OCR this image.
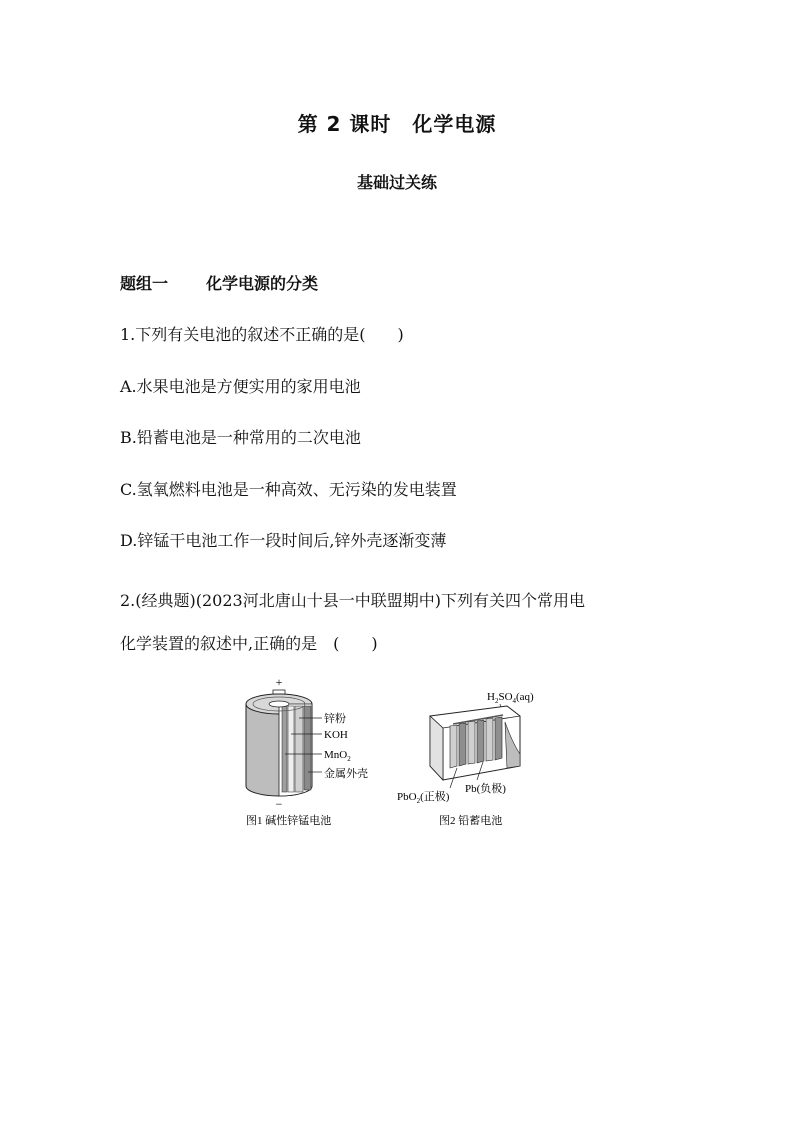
第 2 课时　化学电源
基础过关练
题组一 化学电源的分类
1.下列有关电池的叙述不正确的是(　　)
A.水果电池是方便实用的家用电池
B.铅蓄电池是一种常用的二次电池
C.氢氧燃料电池是一种高效、无污染的发电装置
D.锌锰干电池工作一段时间后,锌外壳逐渐变薄
2.(经典题)(2023河北唐山十县一中联盟期中)下列有关四个常用电
化学装置的叙述中,正确的是　(　　)
+
锌粉
KOH
MnO$_2$
金属外壳
−
图1 碱性锌锰电池
$H_2SO_4(aq)$
PbO$_2$(正极)
Pb(负极)
图2 铅蓄电池
